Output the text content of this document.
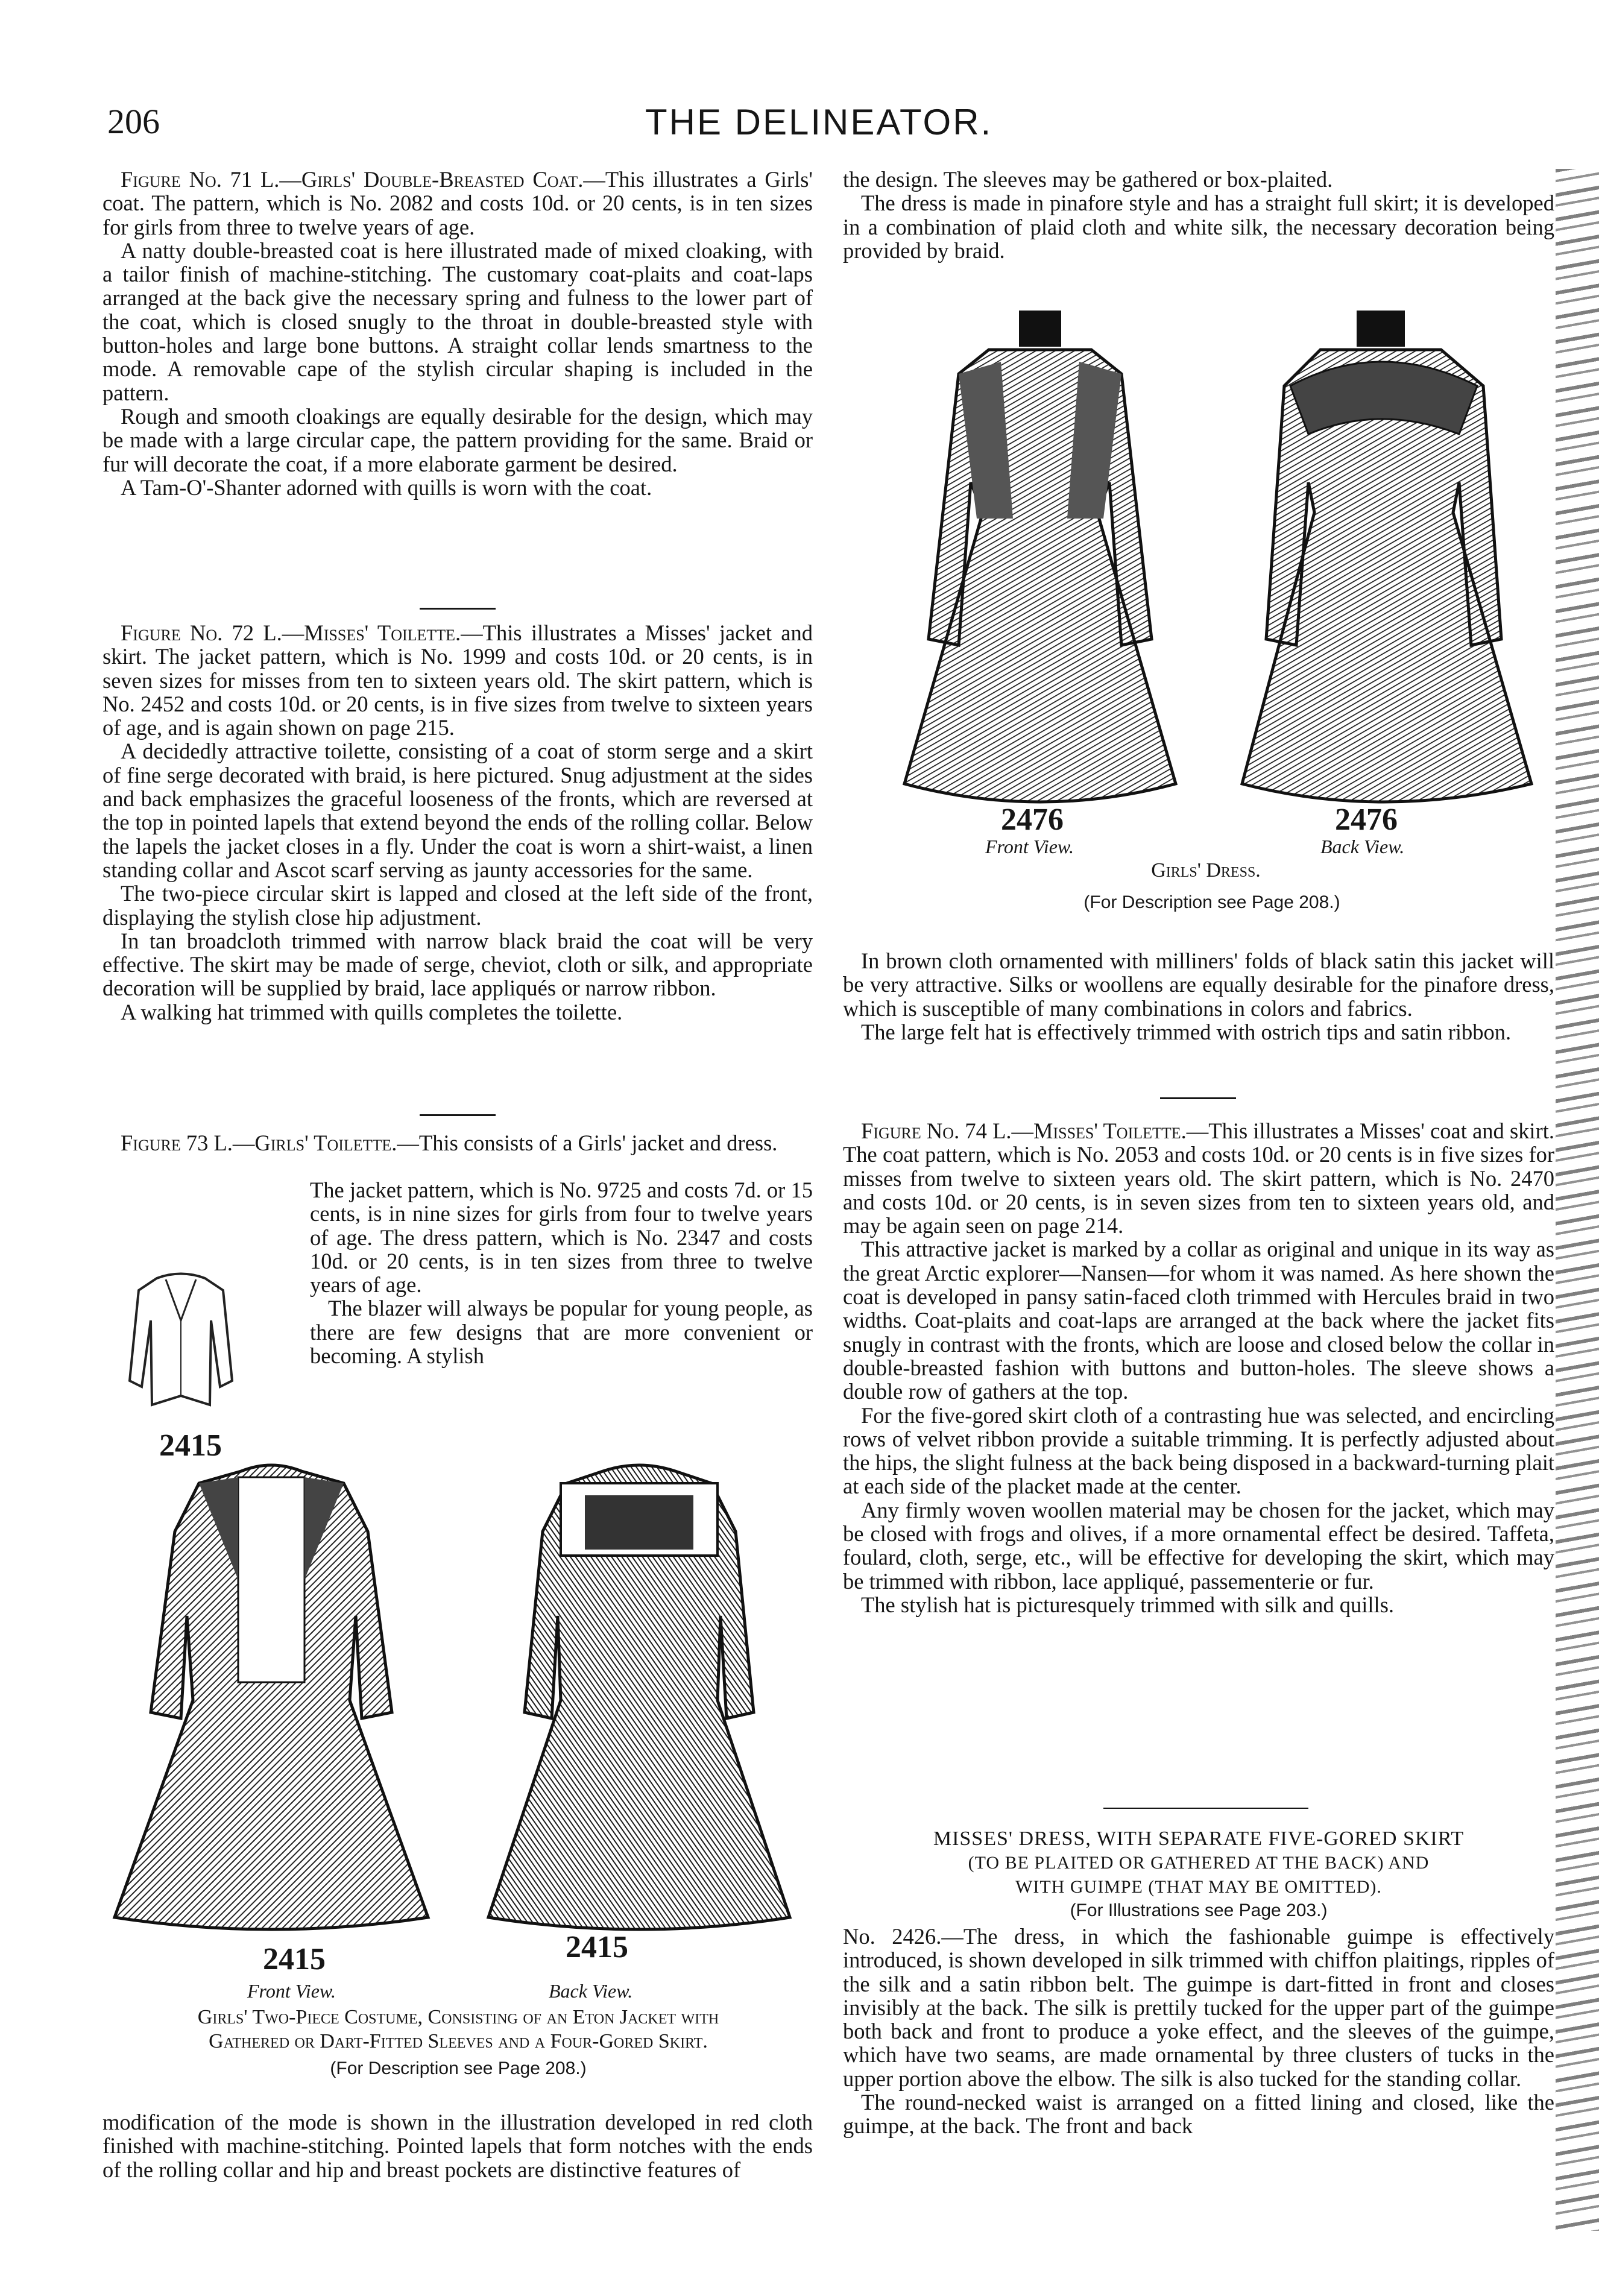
206	THE DELINEATOR.

Figure No. 71 L.—Girls' Double-Breasted Coat.—This illustrates a Girls' coat. The pattern, which is No. 2082 and costs 10d. or 20 cents, is in ten sizes for girls from three to twelve years of age.

A natty double-breasted coat is here illustrated made of mixed cloaking, with a tailor finish of machine-stitching. The customary coat-plaits and coat-laps arranged at the back give the necessary spring and fulness to the lower part of the coat, which is closed snugly to the throat in double-breasted style with button-holes and large bone buttons. A straight collar lends smartness to the mode. A removable cape of the stylish circular shaping is included in the pattern.

Rough and smooth cloakings are equally desirable for the design, which may be made with a large circular cape, the pattern providing for the same. Braid or fur will decorate the coat, if a more elaborate garment be desired.

A Tam-O'-Shanter adorned with quills is worn with the coat.

Figure No. 72 L.—Misses' Toilette.—This illustrates a Misses' jacket and skirt. The jacket pattern, which is No. 1999 and costs 10d. or 20 cents, is in seven sizes for misses from ten to sixteen years old. The skirt pattern, which is No. 2452 and costs 10d. or 20 cents, is in five sizes from twelve to sixteen years of age, and is again shown on page 215.

A decidedly attractive toilette, consisting of a coat of storm serge and a skirt of fine serge decorated with braid, is here pictured. Snug adjustment at the sides and back emphasizes the graceful looseness of the fronts, which are reversed at the top in pointed lapels that extend beyond the ends of the rolling collar. Below the lapels the jacket closes in a fly. Under the coat is worn a shirt-waist, a linen standing collar and Ascot scarf serving as jaunty accessories for the same.

The two-piece circular skirt is lapped and closed at the left side of the front, displaying the stylish close hip adjustment.

In tan broadcloth trimmed with narrow black braid the coat will be very effective. The skirt may be made of serge, cheviot, cloth or silk, and appropriate decoration will be supplied by braid, lace appliqués or narrow ribbon.

A walking hat trimmed with quills completes the toilette.

Figure 73 L.—Girls' Toilette.—This consists of a Girls' jacket and dress.

The jacket pattern, which is No. 9725 and costs 7d. or 15 cents, is in nine sizes for girls from four to twelve years of age. The dress pattern, which is No. 2347 and costs 10d. or 20 cents, is in ten sizes from three to twelve years of age.

The blazer will always be popular for young people, as there are few designs that are more convenient or becoming. A stylish

2415
2415	2415
Front View.	Back View.
Girls' Two-Piece Costume, Consisting of an Eton Jacket with
Gathered or Dart-Fitted Sleeves and a Four-Gored Skirt.
(For Description see Page 208.)

modification of the mode is shown in the illustration developed in red cloth finished with machine-stitching. Pointed lapels that form notches with the ends of the rolling collar and hip and breast pockets are distinctive features of

the design. The sleeves may be gathered or box-plaited.

The dress is made in pinafore style and has a straight full skirt; it is developed in a combination of plaid cloth and white silk, the necessary decoration being provided by braid.

2476	2476
Front View.	Back View.
Girls' Dress.
(For Description see Page 208.)

In brown cloth ornamented with milliners' folds of black satin this jacket will be very attractive. Silks or woollens are equally desirable for the pinafore dress, which is susceptible of many combinations in colors and fabrics.

The large felt hat is effectively trimmed with ostrich tips and satin ribbon.

Figure No. 74 L.—Misses' Toilette.—This illustrates a Misses' coat and skirt. The coat pattern, which is No. 2053 and costs 10d. or 20 cents is in five sizes for misses from twelve to sixteen years old. The skirt pattern, which is No. 2470 and costs 10d. or 20 cents, is in seven sizes from ten to sixteen years old, and may be again seen on page 214.

This attractive jacket is marked by a collar as original and unique in its way as the great Arctic explorer—Nansen—for whom it was named. As here shown the coat is developed in pansy satin-faced cloth trimmed with Hercules braid in two widths. Coat-plaits and coat-laps are arranged at the back where the jacket fits snugly in contrast with the fronts, which are loose and closed below the collar in double-breasted fashion with buttons and button-holes. The sleeve shows a double row of gathers at the top.

For the five-gored skirt cloth of a contrasting hue was selected, and encircling rows of velvet ribbon provide a suitable trimming. It is perfectly adjusted about the hips, the slight fulness at the back being disposed in a backward-turning plait at each side of the placket made at the center.

Any firmly woven woollen material may be chosen for the jacket, which may be closed with frogs and olives, if a more ornamental effect be desired. Taffeta, foulard, cloth, serge, etc., will be effective for developing the skirt, which may be trimmed with ribbon, lace appliqué, passementerie or fur.

The stylish hat is picturesquely trimmed with silk and quills.

MISSES' DRESS, WITH SEPARATE FIVE-GORED SKIRT
(TO BE PLAITED OR GATHERED AT THE BACK) AND
WITH GUIMPE (THAT MAY BE OMITTED).
(For Illustrations see Page 203.)

No. 2426.—The dress, in which the fashionable guimpe is effectively introduced, is shown developed in silk trimmed with chiffon plaitings, ripples of the silk and a satin ribbon belt. The guimpe is dart-fitted in front and closes invisibly at the back. The silk is prettily tucked for the upper part of the guimpe both back and front to produce a yoke effect, and the sleeves of the guimpe, which have two seams, are made ornamental by three clusters of tucks in the upper portion above the elbow. The silk is also tucked for the standing collar.

The round-necked waist is arranged on a fitted lining and closed, like the guimpe, at the back. The front and back
